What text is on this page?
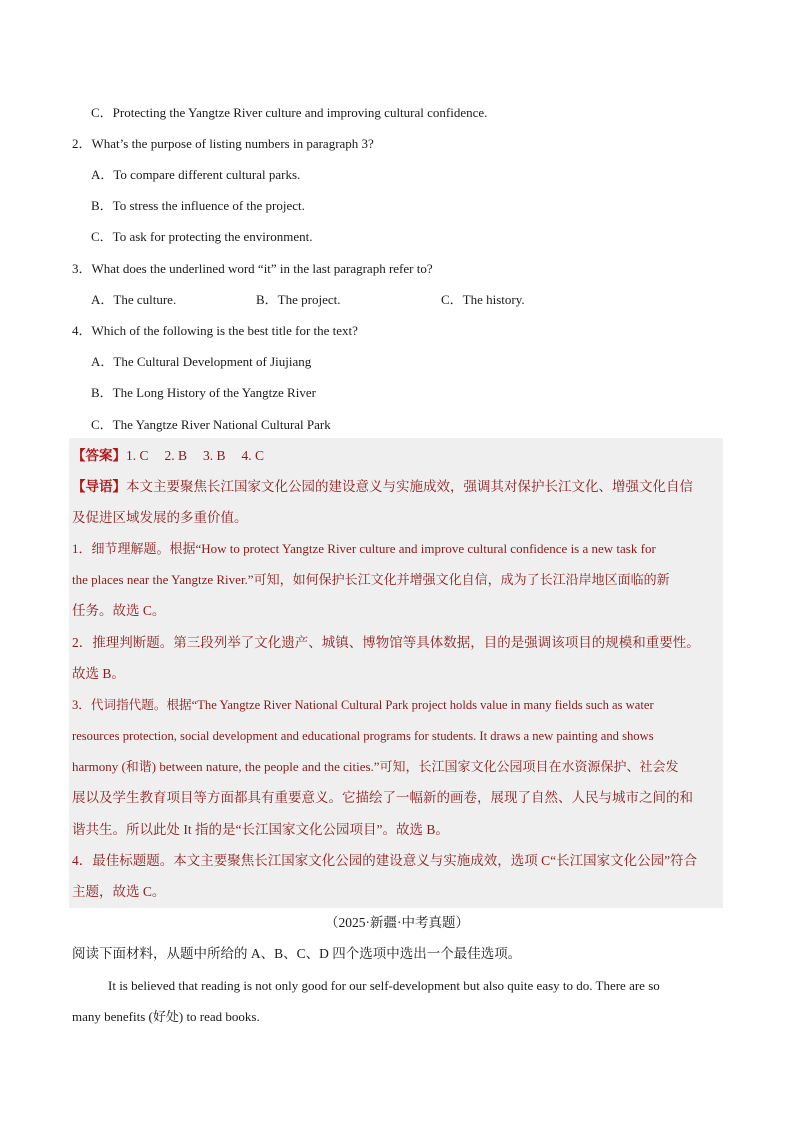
C．Protecting the Yangtze River culture and improving cultural confidence.
2．What’s the purpose of listing numbers in paragraph 3?
A．To compare different cultural parks.
B．To stress the influence of the project.
C．To ask for protecting the environment.
3．What does the underlined word “it” in the last paragraph refer to?
A．The culture.	B．The project.	C．The history.
4．Which of the following is the best title for the text?
A．The Cultural Development of Jiujiang
B．The Long History of the Yangtze River
C．The Yangtze River National Cultural Park
【答案】1. C 2. B 3. B 4. C
【导语】本文主要聚焦长江国家文化公园的建设意义与实施成效，强调其对保护长江文化、增强文化自信
及促进区域发展的多重价值。
1．细节理解题。根据“How to protect Yangtze River culture and improve cultural confidence is a new task for
the places near the Yangtze River.”可知，如何保护长江文化并增强文化自信，成为了长江沿岸地区面临的新
任务。故选 C。
2．推理判断题。第三段列举了文化遗产、城镇、博物馆等具体数据，目的是强调该项目的规模和重要性。
故选 B。
3．代词指代题。根据“The Yangtze River National Cultural Park project holds value in many fields such as water
resources protection, social development and educational programs for students. It draws a new painting and shows
harmony (和谐) between nature, the people and the cities.”可知，长江国家文化公园项目在水资源保护、社会发
展以及学生教育项目等方面都具有重要意义。它描绘了一幅新的画卷，展现了自然、人民与城市之间的和
谐共生。所以此处 It 指的是“长江国家文化公园项目”。故选 B。
4．最佳标题题。本文主要聚焦长江国家文化公园的建设意义与实施成效，选项 C“长江国家文化公园”符合
主题，故选 C。
（2025·新疆·中考真题）
阅读下面材料，从题中所给的 A、B、C、D 四个选项中选出一个最佳选项。
It is believed that reading is not only good for our self-development but also quite easy to do. There are so
many benefits (好处) to read books.
